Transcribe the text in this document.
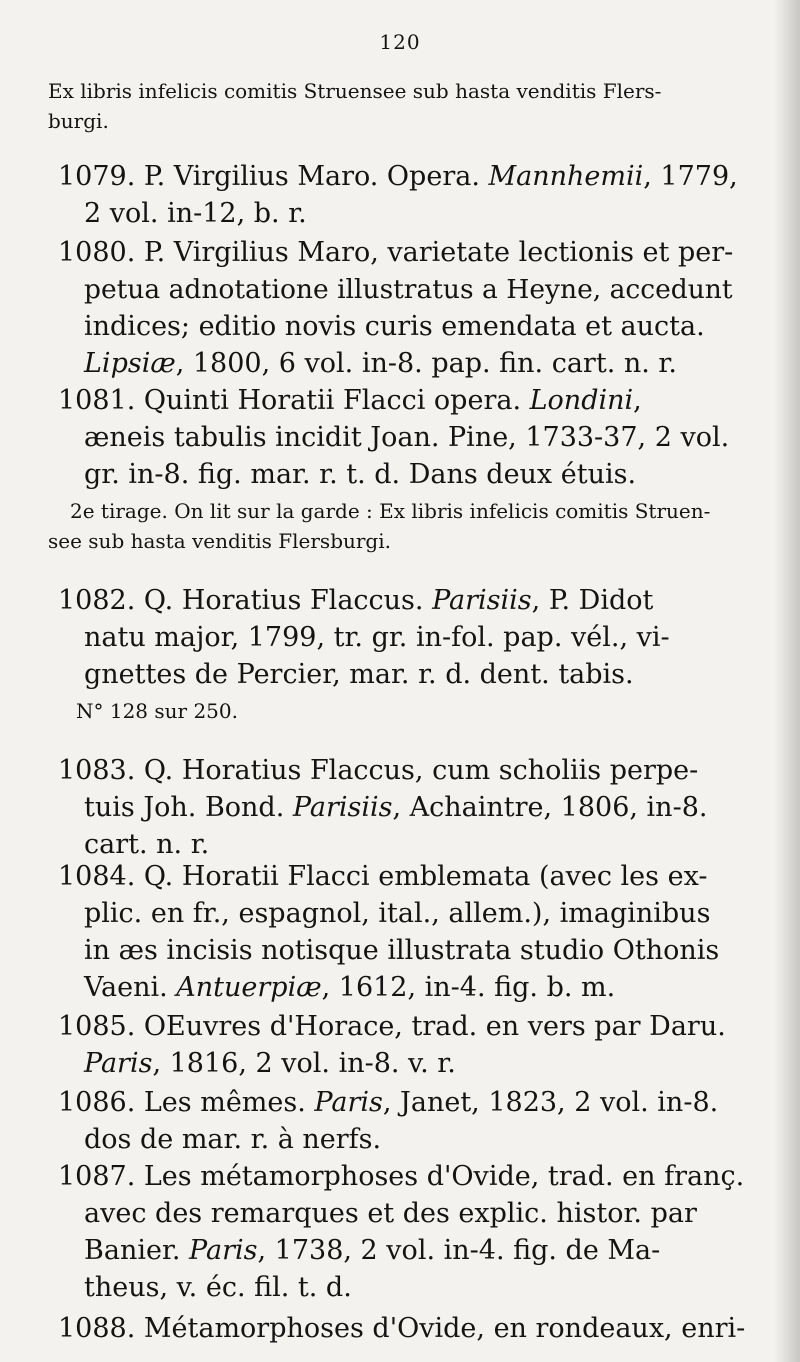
120
Ex libris infelicis comitis Struensee sub hasta venditis Flers-
burgi.
1079. P. Virgilius Maro. Opera. Mannhemii, 1779,
2 vol. in-12, b. r.
1080. P. Virgilius Maro, varietate lectionis et per-
petua adnotatione illustratus a Heyne, accedunt
indices; editio novis curis emendata et aucta.
Lipsiæ, 1800, 6 vol. in-8. pap. fin. cart. n. r.
1081. Quinti Horatii Flacci opera. Londini,
æneis tabulis incidit Joan. Pine, 1733-37, 2 vol.
gr. in-8. fig. mar. r. t. d. Dans deux étuis.
2e tirage. On lit sur la garde : Ex libris infelicis comitis Struen-
see sub hasta venditis Flersburgi.
1082. Q. Horatius Flaccus. Parisiis, P. Didot
natu major, 1799, tr. gr. in-fol. pap. vél., vi-
gnettes de Percier, mar. r. d. dent. tabis.
N° 128 sur 250.
1083. Q. Horatius Flaccus, cum scholiis perpe-
tuis Joh. Bond. Parisiis, Achaintre, 1806, in-8.
cart. n. r.
1084. Q. Horatii Flacci emblemata (avec les ex-
plic. en fr., espagnol, ital., allem.), imaginibus
in æs incisis notisque illustrata studio Othonis
Vaeni. Antuerpiæ, 1612, in-4. fig. b. m.
1085. OEuvres d'Horace, trad. en vers par Daru.
Paris, 1816, 2 vol. in-8. v. r.
1086. Les mêmes. Paris, Janet, 1823, 2 vol. in-8.
dos de mar. r. à nerfs.
1087. Les métamorphoses d'Ovide, trad. en franç.
avec des remarques et des explic. histor. par
Banier. Paris, 1738, 2 vol. in-4. fig. de Ma-
theus, v. éc. fil. t. d.
1088. Métamorphoses d'Ovide, en rondeaux, enri-
